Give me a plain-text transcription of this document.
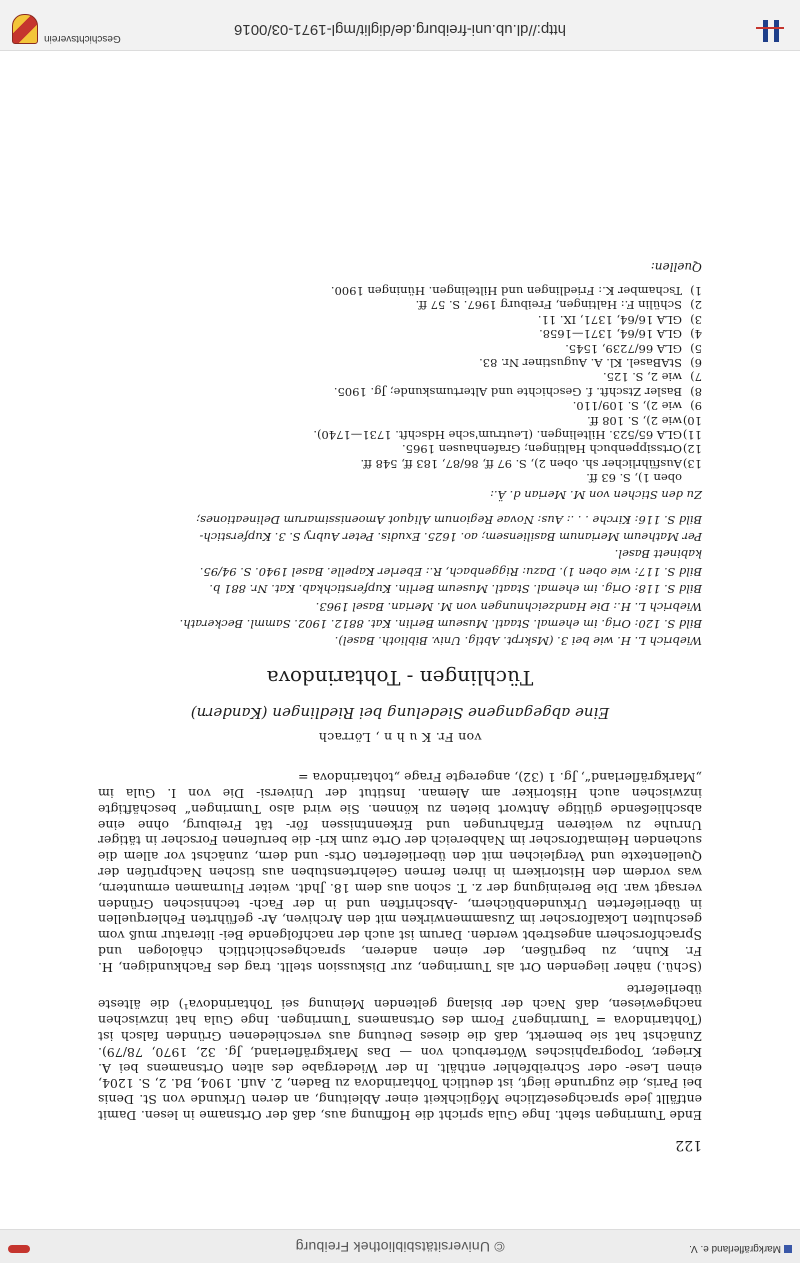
Markgräflerland e. V.
© Universitätsbibliothek Freiburg
http://dl.ub.uni-freiburg.de/diglit/mgl-1971-03/0016
Geschichtsverein
122

Ende Tumringen steht. Inge Gula spricht die Hoffnung aus, daß der Ortsname in lesen. Damit entfällt jede sprachgesetzliche Möglichkeit einer Ableitung, an deren Urkunde von St. Denis bei Paris, die zugrunde liegt, ist deutlich Tohtarindova zu Baden, 2. Aufl. 1904, Bd. 2, S. 1204, einen Lese- oder Schreibfehler enthält. In der Wiedergabe des alten Ortsnamens bei A. Krieger, Topographisches Wörterbuch von — Das Markgräflerland, Jg. 32, 1970, 78/79). Zunächst hat sie bemerkt, daß die dieses Deutung aus verschiedenen Gründen falsch ist (Tohtarindova = Tumringen? Form des Ortsnamens Tumringen. Inge Gula hat inzwischen nachgewiesen, daß Nach der bislang geltenden Meinung sei Tohtarindova¹) die älteste überlieferte

(Schü.) näher liegenden Ort als Tumringen, zur Diskussion stellt. trag des Fachkundigen, H. Fr. Kuhn, zu begrüßen, der einen anderen, sprachgeschichtlich chäologen und Sprachforschern angestrebt werden. Darum ist auch der nachfolgende Bei- literatur muß vom geschulten Lokalforscher im Zusammenwirken mit den Archiven, Ar- geführten Fehlerquellen in überlieferten Urkundenbüchern, -Abschriften und in der Fach- technischen Gründen versagt war. Die Bereinigung der z. T. schon aus dem 18. Jhdt. weiter Flurnamen ermuntern, was vordem den Historikern in ihren fernen Gelehrtenstuben aus tischen Nachprüfen der Quellentexte und Vergleichen mit den überlieferten Orts- und dern, zunächst vor allem die suchenden Heimatforscher im Nahbereich der Orte zum kri- die berufenen Forscher in tätiger Unruhe zu weiteren Erfahrungen und Erkenntnissen för- tät Freiburg, ohne eine abschließende gültige Antwort bieten zu können. Sie wird also Tumringen“ beschäftigte inzwischen auch Historiker am Aleman. Institut der Universi- Die von I. Gula im „Markgräflerland“, Jg. 1 (32), angeregte Frage „tohtarindova =

von Fr. K u h n , Lörrach
Eine abgegangene Siedelung bei Riedlingen (Kandern)
Tüchlingen - Tohtarindova

Wiebrich L. H. wie bei 3. (Mskrpt. Abtlg. Univ. Biblioth. Basel).

Bild S. 120: Orig. im ehemal. Staatl. Museum Berlin. Kat. 8812. 1902. Samml. Beckerath.

Wiebrich L. H.: Die Handzeichnungen von M. Merian. Basel 1963.

Bild S. 118: Orig. im ehemal. Staatl. Museum Berlin. Kupferstichkab. Kat. Nr. 881 b.

Bild S. 117: wie oben 1). Dazu: Riggenbach, R.: Eberler Kapelle. Basel 1940. S. 94/95.

kabinett Basel.

Per Matheum Merianum Basiliensem; ao. 1625. Exudis. Peter Aubry S. 3. Kupferstich-

Bild S. 116: Kirche . . .: Aus: Novae Regionum Aliquot Amoenissimarum Delineationes;

Zu den Stichen von M. Merian d. Ä.:
oben 1), S. 63 ff.
13)
Ausführlicher sh. oben 2), S. 97 ff, 86/87, 183 ff, 548 ff.
12)
Ortssippenbuch Haltingen; Grafenhausen 1965.
11)
GLA 65/523. Hiltelingen. (Leutrum'sche Hdschft. 1731—1740).
10)
wie 2), S. 108 ff.
9)
wie 2), S. 109/110.
8)
Basler Ztschft. f. Geschichte und Altertumskunde; Jg. 1905.
7)
wie 2, S. 125.
6)
StABasel. Kl. A. Augustiner Nr. 83.
5)
GLA 66/7239, 1545.
4)
GLA 16/64, 1371—1658.
3)
GLA 16/64, 1371, IX. 11.
2)
Schülin F.: Haltingen, Freiburg 1967. S. 57 ff.
1)
Tschamber K.: Friedlingen und Hiltelingen. Hüningen 1900.
Quellen:
